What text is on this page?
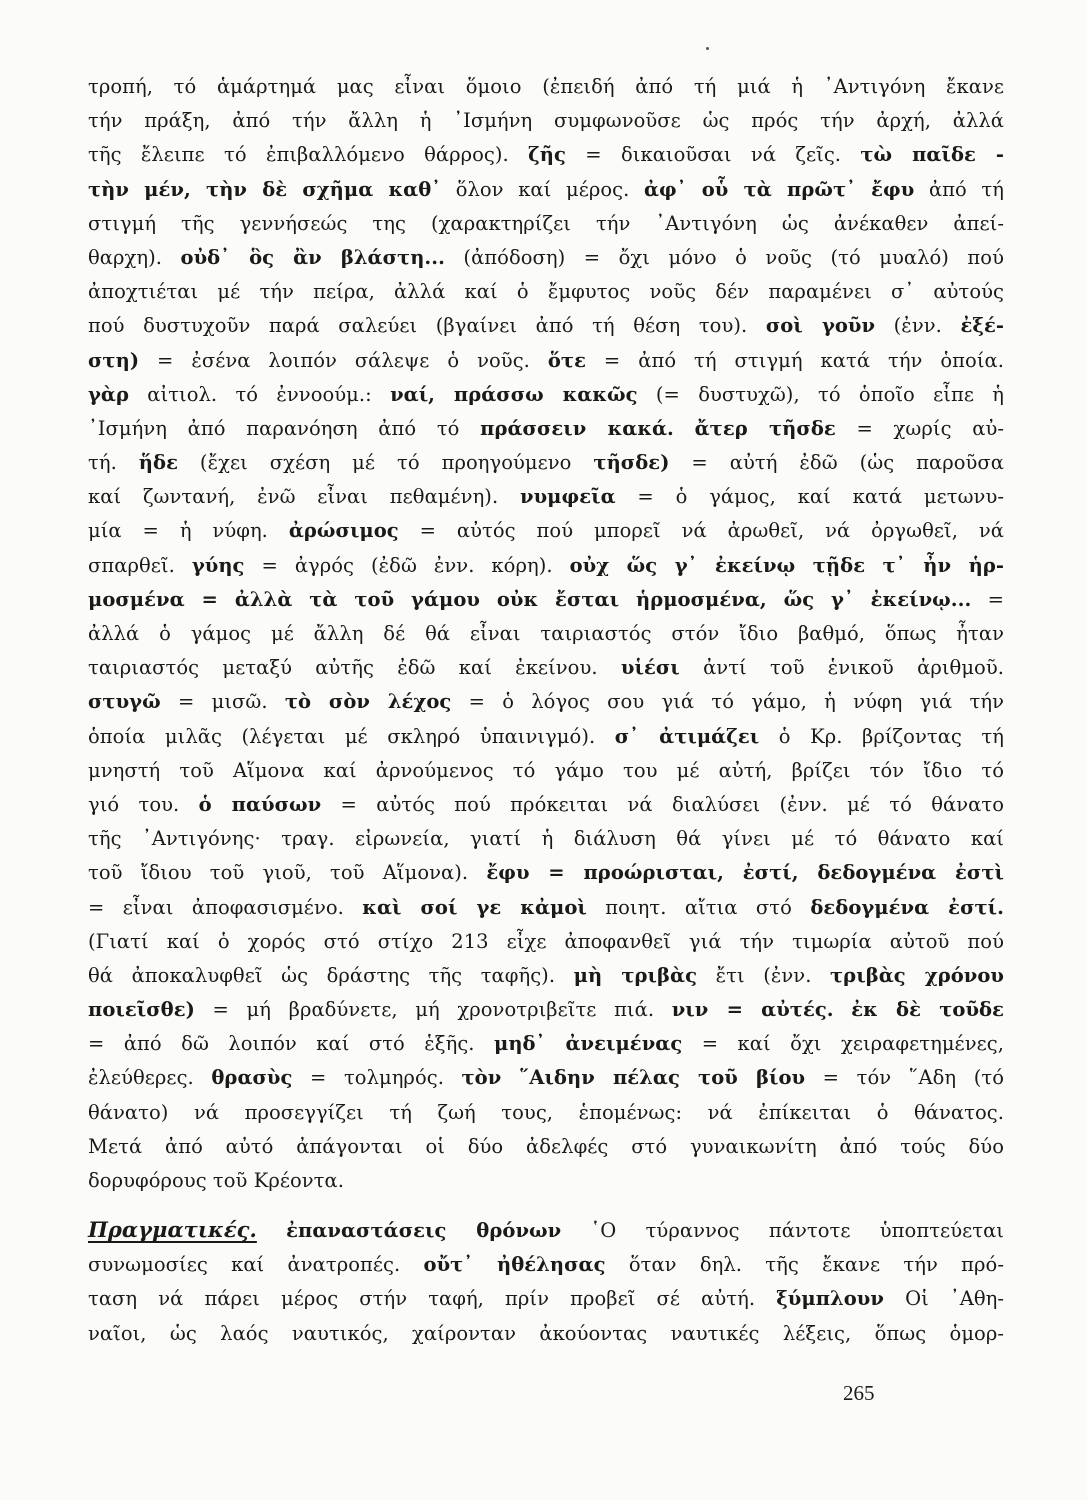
τροπή, τό ἁμάρτημά μας εἶναι ὅμοιο (ἐπειδή ἀπό τή μιά ἡ ᾿Αντιγόνη ἔκανε
τήν πράξη, ἀπό τήν ἄλλη ἡ ᾿Ισμήνη συμφωνοῦσε ὡς πρός τήν ἀρχή, ἀλλά
τῆς ἔλειπε τό ἐπιβαλλόμενο θάρρος). ζῆς = δικαιοῦσαι νά ζεῖς. τὼ παῖδε -
τὴν μέν, τὴν δὲ σχῆμα καθ᾿ ὅλον καί μέρος. ἀφ᾿ οὗ τὰ πρῶτ᾿ ἔφυ ἀπό τή
στιγμή τῆς γεννήσεώς της (χαρακτηρίζει τήν ᾿Αντιγόνη ὡς ἀνέκαθεν ἀπεί-
θαρχη). οὐδ᾿ ὃς ἂν βλάστη... (ἀπόδοση) = ὄχι μόνο ὁ νοῦς (τό μυαλό) πού
ἀποχτιέται μέ τήν πείρα, ἀλλά καί ὁ ἔμφυτος νοῦς δέν παραμένει σ᾿ αὐτούς
πού δυστυχοῦν παρά σαλεύει (βγαίνει ἀπό τή θέση του). σοὶ γοῦν (ἐνν. ἐξέ-
στη) = ἐσένα λοιπόν σάλεψε ὁ νοῦς. ὅτε = ἀπό τή στιγμή κατά τήν ὁποία.
γὰρ αἰτιολ. τό ἐννοούμ.: ναί, πράσσω κακῶς (= δυστυχῶ), τό ὁποῖο εἶπε ἡ
᾿Ισμήνη ἀπό παρανόηση ἀπό τό πράσσειν κακά. ἄτερ τῆσδε = χωρίς αὐ-
τή. ἥδε (ἔχει σχέση μέ τό προηγούμενο τῆσδε) = αὐτή ἐδῶ (ὡς παροῦσα
καί ζωντανή, ἐνῶ εἶναι πεθαμένη). νυμφεῖα = ὁ γάμος, καί κατά μετωνυ-
μία = ἡ νύφη. ἀρώσιμος = αὐτός πού μπορεῖ νά ἀρωθεῖ, νά ὀργωθεῖ, νά
σπαρθεῖ. γύης = ἀγρός (ἐδῶ ἐνν. κόρη). οὐχ ὥς γ᾿ ἐκείνῳ τῇδε τ᾿ ἦν ἡρ-
μοσμένα = ἀλλὰ τὰ τοῦ γάμου οὐκ ἔσται ἡρμοσμένα, ὥς γ᾿ ἐκείνῳ... =
ἀλλά ὁ γάμος μέ ἄλλη δέ θά εἶναι ταιριαστός στόν ἴδιο βαθμό, ὅπως ἦταν
ταιριαστός μεταξύ αὐτῆς ἐδῶ καί ἐκείνου. υἱέσι ἀντί τοῦ ἑνικοῦ ἀριθμοῦ.
στυγῶ = μισῶ. τὸ σὸν λέχος = ὁ λόγος σου γιά τό γάμο, ἡ νύφη γιά τήν
ὁποία μιλᾶς (λέγεται μέ σκληρό ὑπαινιγμό). σ᾿ ἀτιμάζει ὁ Κρ. βρίζοντας τή
μνηστή τοῦ Αἵμονα καί ἀρνούμενος τό γάμο του μέ αὐτή, βρίζει τόν ἴδιο τό
γιό του. ὁ παύσων = αὐτός πού πρόκειται νά διαλύσει (ἐνν. μέ τό θάνατο
τῆς ᾿Αντιγόνης· τραγ. εἰρωνεία, γιατί ἡ διάλυση θά γίνει μέ τό θάνατο καί
τοῦ ἴδιου τοῦ γιοῦ, τοῦ Αἵμονα). ἔφυ = προώρισται, ἐστί, δεδογμένα ἐστὶ
= εἶναι ἀποφασισμένο. καὶ σοί γε κἀμοὶ ποιητ. αἴτια στό δεδογμένα ἐστί.
(Γιατί καί ὁ χορός στό στίχο 213 εἶχε ἀποφανθεῖ γιά τήν τιμωρία αὐτοῦ πού
θά ἀποκαλυφθεῖ ὡς δράστης τῆς ταφῆς). μὴ τριβὰς ἔτι (ἐνν. τριβὰς χρόνου
ποιεῖσθε) = μή βραδύνετε, μή χρονοτριβεῖτε πιά. νιν = αὐτές. ἐκ δὲ τοῦδε
= ἀπό δῶ λοιπόν καί στό ἑξῆς. μηδ᾿ ἀνειμένας = καί ὄχι χειραφετημένες,
ἐλεύθερες. θρασὺς = τολμηρός. τὸν ῞Αιδην πέλας τοῦ βίου = τόν ῞Αδη (τό
θάνατο) νά προσεγγίζει τή ζωή τους, ἑπομένως: νά ἐπίκειται ὁ θάνατος.
Μετά ἀπό αὐτό ἀπάγονται οἱ δύο ἀδελφές στό γυναικωνίτη ἀπό τούς δύο
δορυφόρους τοῦ Κρέοντα.
Πραγματικές. ἐπαναστάσεις θρόνων ῾Ο τύραννος πάντοτε ὑποπτεύεται
συνωμοσίες καί ἀνατροπές. οὔτ᾿ ἠθέλησας ὅταν δηλ. τῆς ἔκανε τήν πρό-
ταση νά πάρει μέρος στήν ταφή, πρίν προβεῖ σέ αὐτή. ξύμπλουν Οἱ ᾿Αθη-
ναῖοι, ὡς λαός ναυτικός, χαίρονταν ἀκούοντας ναυτικές λέξεις, ὅπως ὁμορ-
265
